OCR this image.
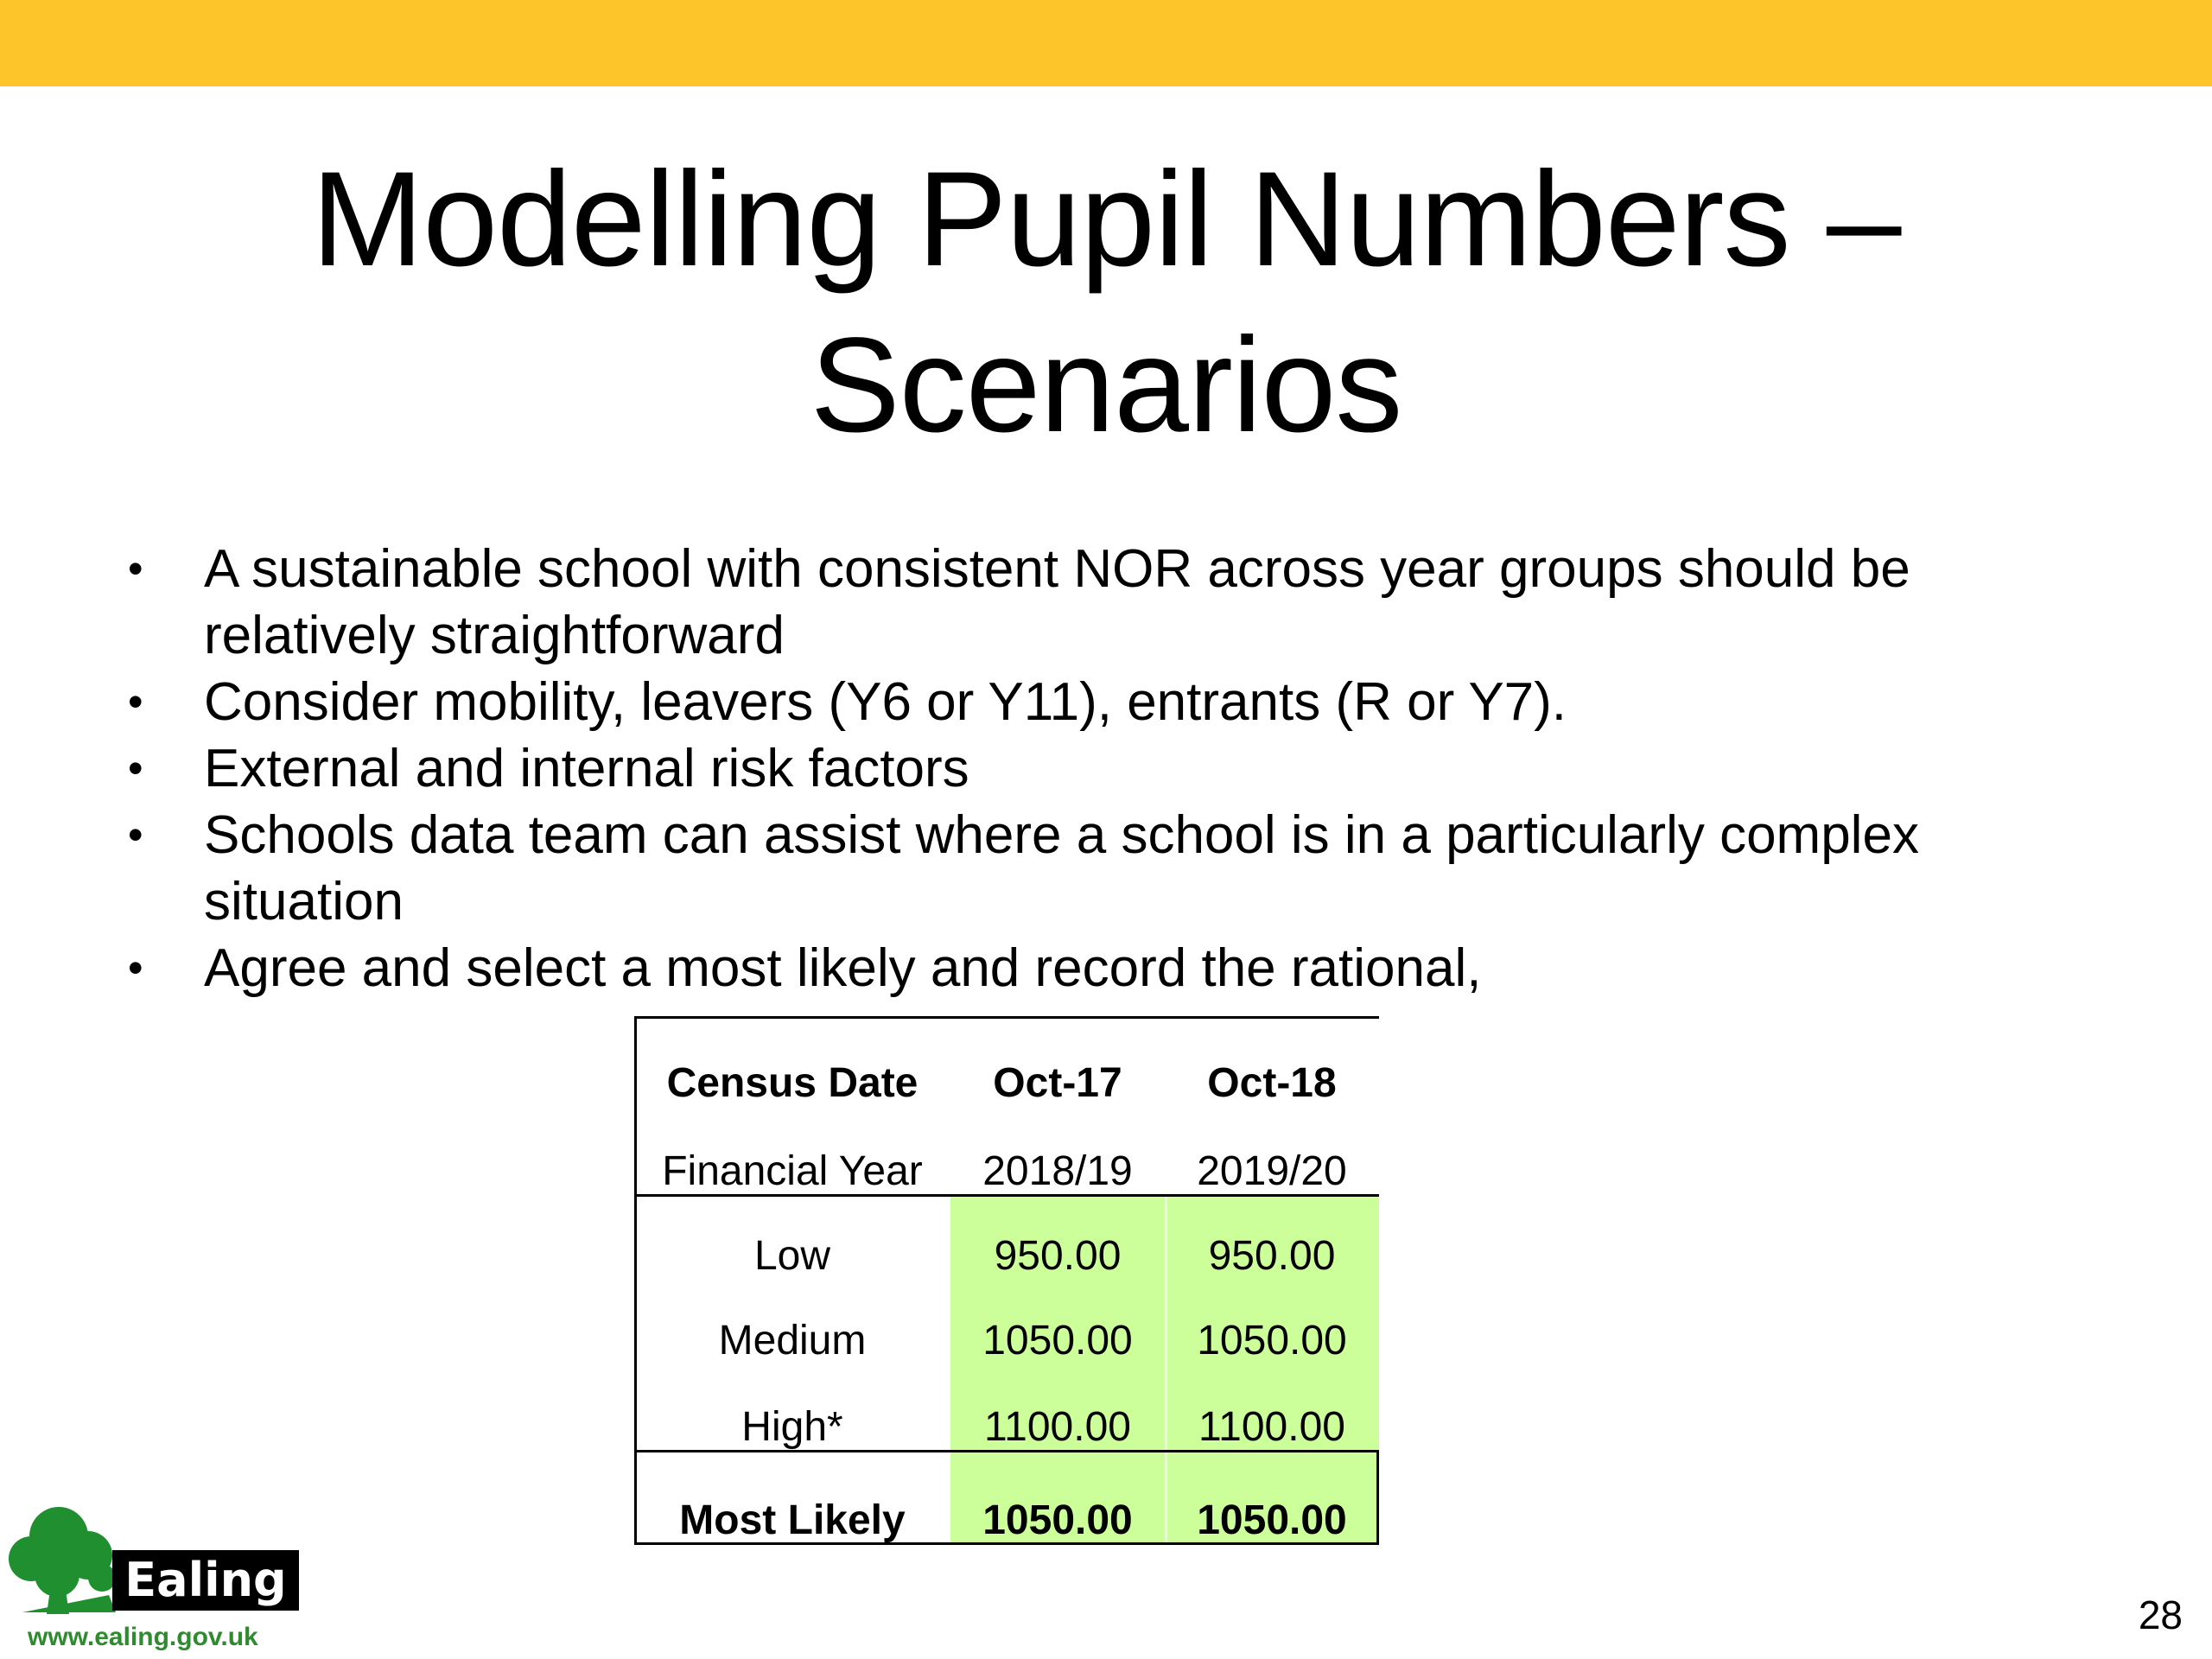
Modelling Pupil Numbers –
Scenarios
• A sustainable school with consistent NOR across year groups should be relatively straightforward
• Consider mobility, leavers (Y6 or Y11), entrants (R or Y7).
• External and internal risk factors
• Schools data team can assist where a school is in a particularly complex situation
• Agree and select a most likely and record the rational,
Census Date	Oct-17	Oct-18
Financial Year	2018/19	2019/20
Low	950.00	950.00
Medium	1050.00	1050.00
High*	1100.00	1100.00
Most Likely	1050.00	1050.00
Ealing
www.ealing.gov.uk	28
